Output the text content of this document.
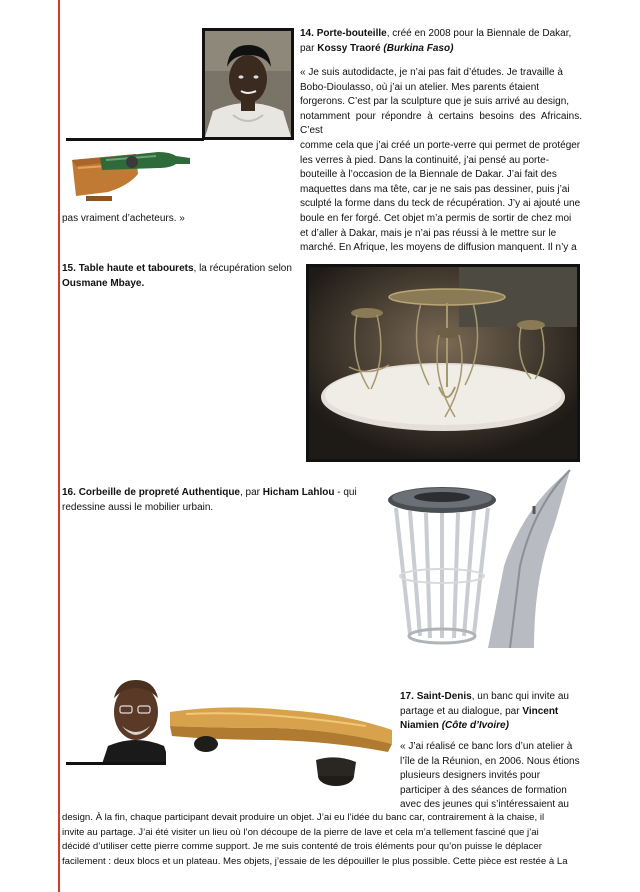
14. Porte-bouteille, créé en 2008 pour la Biennale de Dakar,

par Kossy Traoré (Burkina Faso)

« Je suis autodidacte, je n’ai pas fait d’études. Je travaille à

Bobo-Dioulasso, où j’ai un atelier. Mes parents étaient

forgerons. C’est par la sculpture que je suis arrivé au design,

notamment pour répondre à certains besoins des Africains. C’est

comme cela que j’ai créé un porte-verre qui permet de protéger

les verres à pied. Dans la continuité, j’ai pensé au porte-

bouteille à l’occasion de la Biennale de Dakar. J’ai fait des

maquettes dans ma tête, car je ne sais pas dessiner, puis j’ai

sculpté la forme dans du teck de récupération. J’y ai ajouté une

boule en fer forgé. Cet objet m’a permis de sortir de chez moi

et d’aller à Dakar, mais je n’ai pas réussi à le mettre sur le

marché. En Afrique, les moyens de diffusion manquent. Il n’y a

pas vraiment d’acheteurs. »

15. Table haute et tabourets, la récupération selon

Ousmane Mbaye.

16. Corbeille de propreté Authentique, par Hicham Lahlou - qui

redessine aussi le mobilier urbain.

17. Saint-Denis, un banc qui invite au

partage et au dialogue, par Vincent

Niamien (Côte d’Ivoire)

« J’ai réalisé ce banc lors d’un atelier à

l’île de la Réunion, en 2006. Nous étions

plusieurs designers invités pour

participer à des séances de formation

avec des jeunes qui s’intéressaient au

design. À la fin, chaque participant devait produire un objet. J’ai eu l’idée du banc car, contrairement à la chaise, il

invite au partage. J’ai été visiter un lieu où l’on découpe de la pierre de lave et cela m’a tellement fasciné que j’ai

décidé d’utiliser cette pierre comme support. Je me suis contenté de trois éléments pour qu’on puisse le déplacer

facilement : deux blocs et un plateau. Mes objets, j’essaie de les dépouiller le plus possible. Cette pièce est restée à La
